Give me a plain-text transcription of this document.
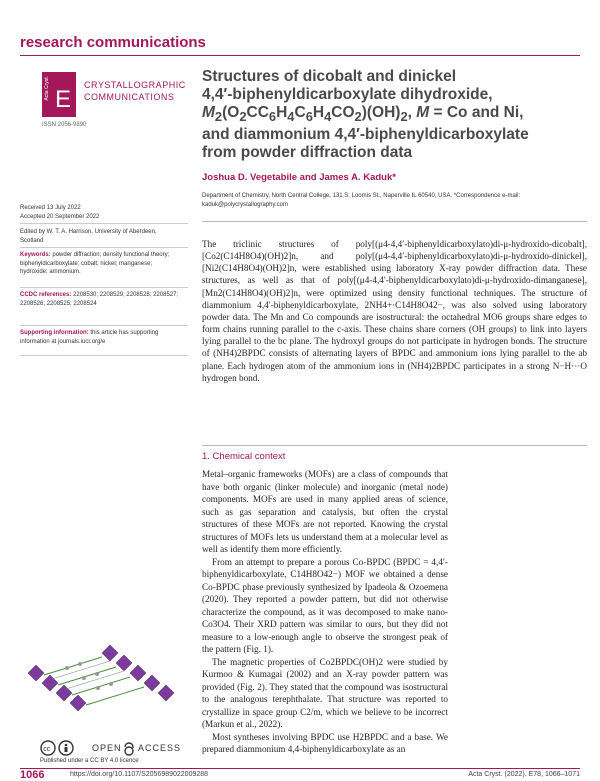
research communications
Acta Cryst. E
CRYSTALLOGRAPHIC
COMMUNICATIONS
ISSN 2056-9890
Structures of dicobalt and dinickel
4,4′-biphenyldicarboxylate dihydroxide,
$M_2(O_2CC_6H_4C_6H_4CO_2)(OH)_2$, M = Co and Ni,
and diammonium 4,4′-biphenyldicarboxylate
from powder diffraction data
Joshua D. Vegetabile and James A. Kaduk*
Department of Chemistry, North Central College, 131 S. Loomis St., Naperville IL 60540, USA. *Correspondence e-mail: kaduk@polycrystallography.com
Received 13 July 2022
Accepted 20 September 2022
Edited by W. T. A. Harrison, University of Aberdeen, Scotland
Keywords: powder diffraction; density functional theory; biphenyldicarboxylate; cobalt; nickel; manganese; hydroxide; ammonium.
CCDC references: 2208530; 2208529; 2208528; 2208527; 2208526; 2208525; 2208524
Supporting information: this article has supporting information at journals.iucr.org/e
The triclinic structures of poly[(μ4-4,4′-biphenyldicarboxylato)di-μ-hydroxido-dicobalt], [Co2(C14H8O4)(OH)2]n, and poly[(μ4-4,4′-biphenyldicarboxylato)di-μ-hydroxido-dinickel], [Ni2(C14H8O4)(OH)2]n, were established using laboratory X-ray powder diffraction data. These structures, as well as that of poly[(μ4-4,4′-biphenyldicarboxylato)di-μ-hydroxido-dimanganese], [Mn2(C14H8O4)(OH)2]n, were optimized using density functional techniques. The structure of diammonium 4,4′-biphenyldicarboxylate, 2NH4+·C14H8O42−, was also solved using laboratory powder data. The Mn and Co compounds are isostructural: the octahedral MO6 groups share edges to form chains running parallel to the c-axis. These chains share corners (OH groups) to link into layers lying parallel to the bc plane. The hydroxyl groups do not participate in hydrogen bonds. The structure of (NH4)2BPDC consists of alternating layers of BPDC and ammonium ions lying parallel to the ab plane. Each hydrogen atom of the ammonium ions in (NH4)2BPDC participates in a strong N−H···O hydrogen bond.
1. Chemical context

Metal–organic frameworks (MOFs) are a class of compounds that have both organic (linker molecule) and inorganic (metal node) components. MOFs are used in many applied areas of science, such as gas separation and catalysis, but often the crystal structures of these MOFs are not reported. Knowing the crystal structures of MOFs lets us understand them at a molecular level as well as identify them more efficiently.

From an attempt to prepare a porous Co-BPDC (BPDC = 4,4′-biphenyldicarboxylate, C14H8O42−) MOF we obtained a dense Co-BPDC phase previously synthesized by Ipadeola & Ozoemena (2020). They reported a powder pattern, but did not otherwise characterize the compound, as it was decomposed to make nano-Co3O4. Their XRD pattern was similar to ours, but they did not measure to a low-enough angle to observe the strongest peak of the pattern (Fig. 1).

The magnetic properties of Co2BPDC(OH)2 were studied by Kurmoo & Kumagai (2002) and an X-ray powder pattern was provided (Fig. 2). They stated that the compound was isostructural to the analogous terephthalate. That structure was reported to crystallize in space group C2/m, which we believe to be incorrect (Markun et al., 2022).

Most syntheses involving BPDC use H2BPDC and a base. We prepared diammonium 4,4-biphenyldicarboxylate as an

cc	OPEN ACCESS
Published under a CC BY 4.0 licence
1066	https://doi.org/10.1107/S2056989022009288	Acta Cryst. (2022). E78, 1066–1071
